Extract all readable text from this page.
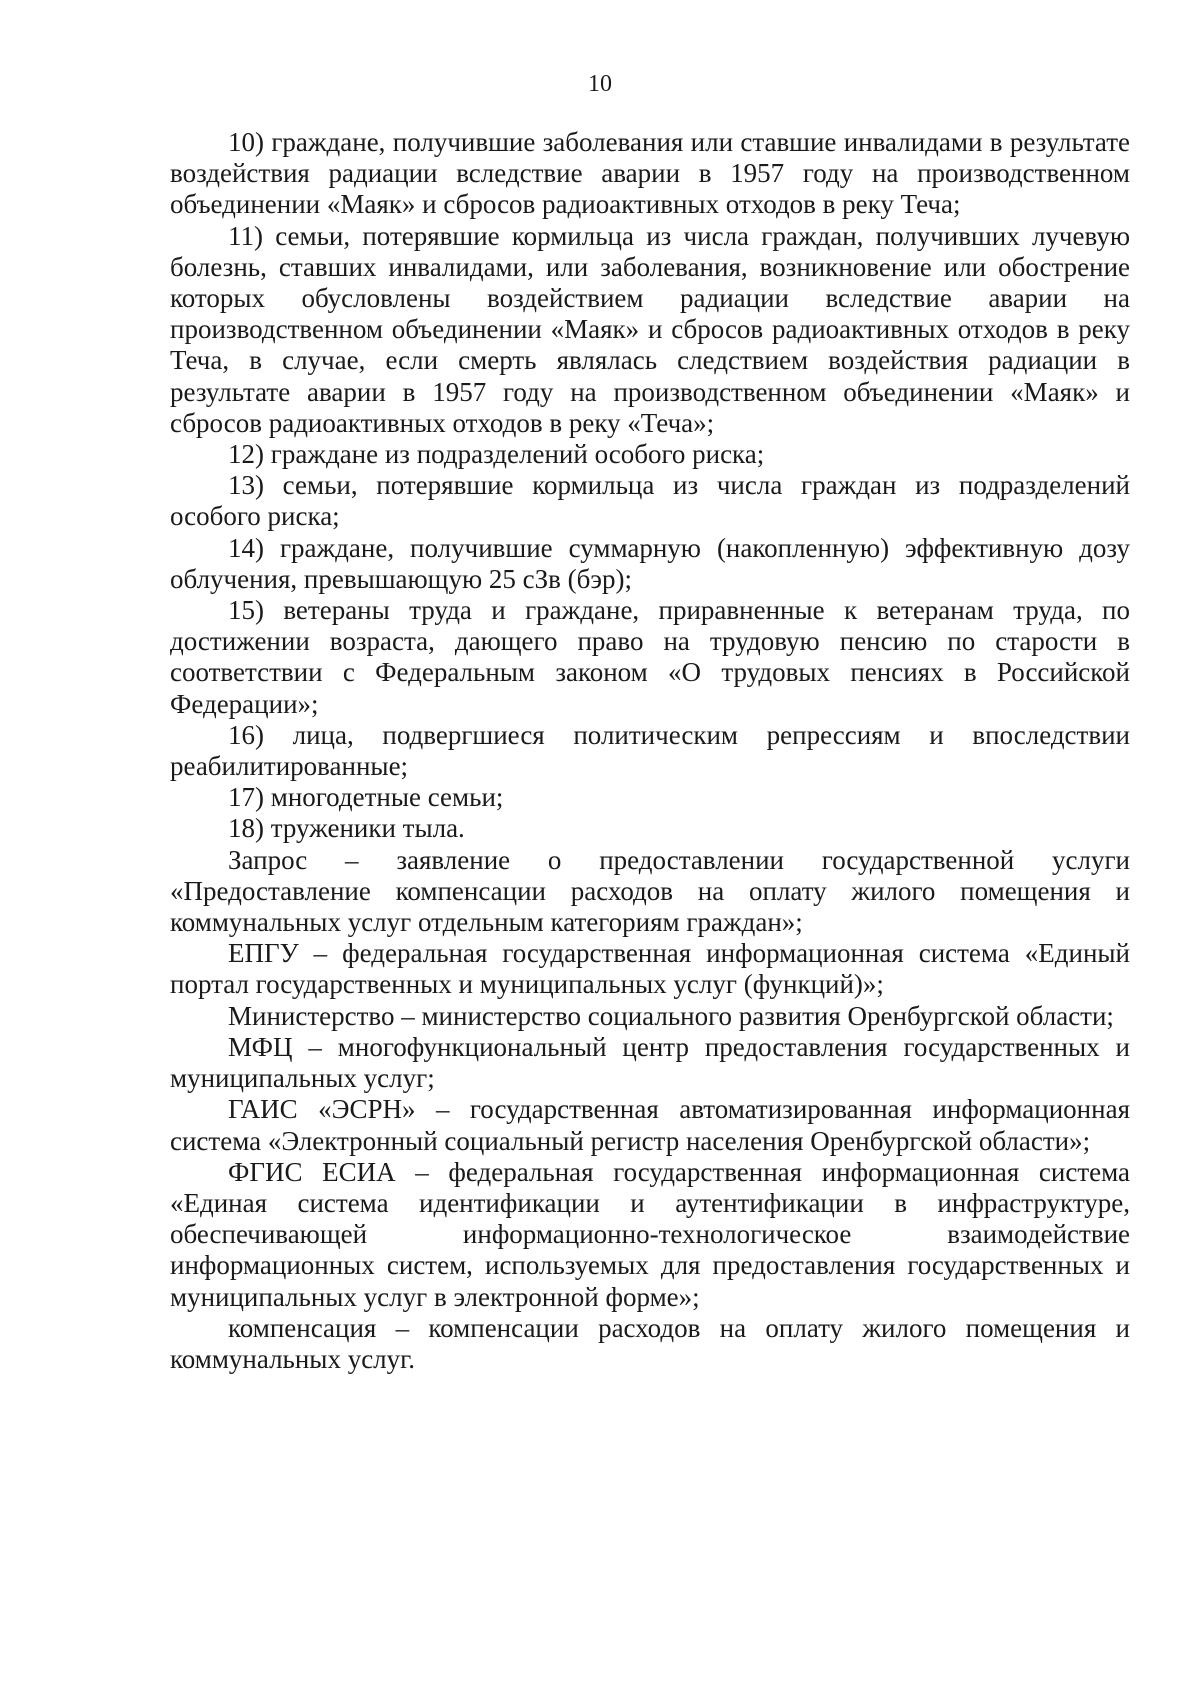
10

10) граждане, получившие заболевания или ставшие инвалидами в результате воздействия радиации вследствие аварии в 1957 году на производственном объединении «Маяк» и сбросов радиоактивных отходов в реку Теча;

11) семьи, потерявшие кормильца из числа граждан, получивших лучевую болезнь, ставших инвалидами, или заболевания, возникновение или обострение которых обусловлены воздействием радиации вследствие аварии на производственном объединении «Маяк» и сбросов радиоактивных отходов в реку Теча, в случае, если смерть являлась следствием воздействия радиации в результате аварии в 1957 году на производственном объединении «Маяк» и сбросов радиоактивных отходов в реку «Теча»;

12) граждане из подразделений особого риска;

13) семьи, потерявшие кормильца из числа граждан из подразделений особого риска;

14) граждане, получившие суммарную (накопленную) эффективную дозу облучения, превышающую 25 сЗв (бэр);

15) ветераны труда и граждане, приравненные к ветеранам труда, по достижении возраста, дающего право на трудовую пенсию по старости в соответствии с Федеральным законом «О трудовых пенсиях в Российской Федерации»;

16) лица, подвергшиеся политическим репрессиям и впоследствии реабилитированные;

17) многодетные семьи;

18) труженики тыла.

Запрос – заявление о предоставлении государственной услуги «Предоставление компенсации расходов на оплату жилого помещения и коммунальных услуг отдельным категориям граждан»;

ЕПГУ – федеральная государственная информационная система «Единый портал государственных и муниципальных услуг (функций)»;

Министерство – министерство социального развития Оренбургской области;

МФЦ – многофункциональный центр предоставления государственных и муниципальных услуг;

ГАИС «ЭСРН» – государственная автоматизированная информационная система «Электронный социальный регистр населения Оренбургской области»;

ФГИС ЕСИА – федеральная государственная информационная система «Единая система идентификации и аутентификации в инфраструктуре, обеспечивающей информационно-технологическое взаимодействие информационных систем, используемых для предоставления государственных и муниципальных услуг в электронной форме»;

компенсация – компенсации расходов на оплату жилого помещения и коммунальных услуг.
